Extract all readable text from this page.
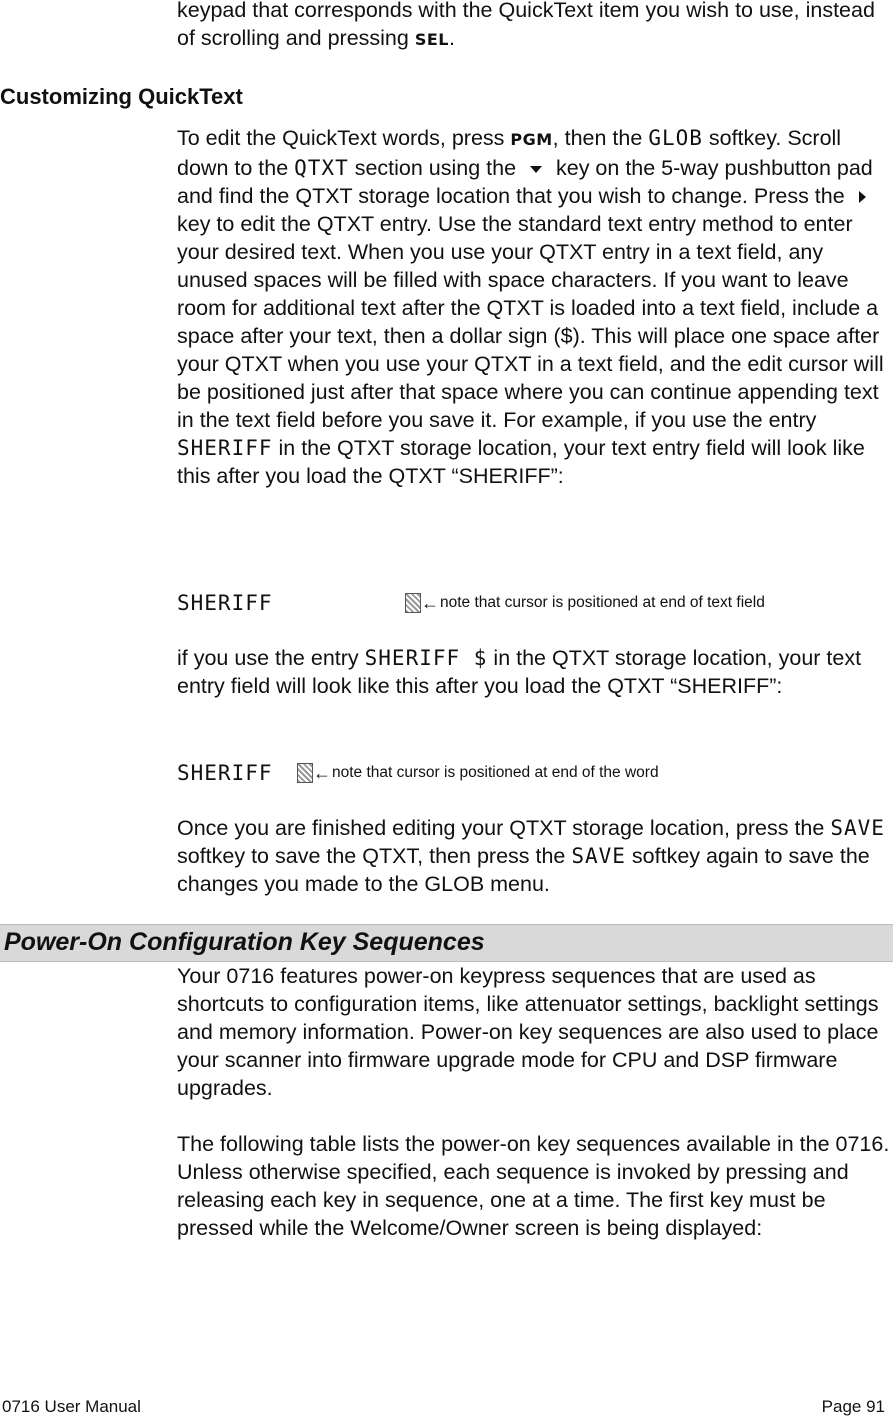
keypad that corresponds with the QuickText item you wish to use, instead of scrolling and pressing SEL.

Customizing QuickText

To edit the QuickText words, press PGM, then the GLOB softkey. Scroll down to the QTXT section using the  key on the 5-way pushbutton pad and find the QTXT storage location that you wish to change. Press the  key to edit the QTXT entry. Use the standard text entry method to enter your desired text. When you use your QTXT entry in a text field, any unused spaces will be filled with space characters. If you want to leave room for additional text after the QTXT is loaded into a text field, include a space after your text, then a dollar sign ($). This will place one space after your QTXT when you use your QTXT in a text field, and the edit cursor will be positioned just after that space where you can continue appending text in the text field before you save it. For example, if you use the entry SHERIFF in the QTXT storage location, your text entry field will look like this after you load the QTXT “SHERIFF”:

SHERIFF	← note that cursor is positioned at end of text field

if you use the entry SHERIFF $ in the QTXT storage location, your text entry field will look like this after you load the QTXT “SHERIFF”:

SHERIFF	← note that cursor is positioned at end of the word

Once you are finished editing your QTXT storage location, press the SAVE softkey to save the QTXT, then press the SAVE softkey again to save the changes you made to the GLOB menu.

Power-On Configuration Key Sequences

Your 0716 features power-on keypress sequences that are used as shortcuts to configuration items, like attenuator settings, backlight settings and memory information. Power-on key sequences are also used to place your scanner into firmware upgrade mode for CPU and DSP firmware upgrades.

The following table lists the power-on key sequences available in the 0716. Unless otherwise specified, each sequence is invoked by pressing and releasing each key in sequence, one at a time. The first key must be pressed while the Welcome/Owner screen is being displayed:

0716 User Manual	Page 91
